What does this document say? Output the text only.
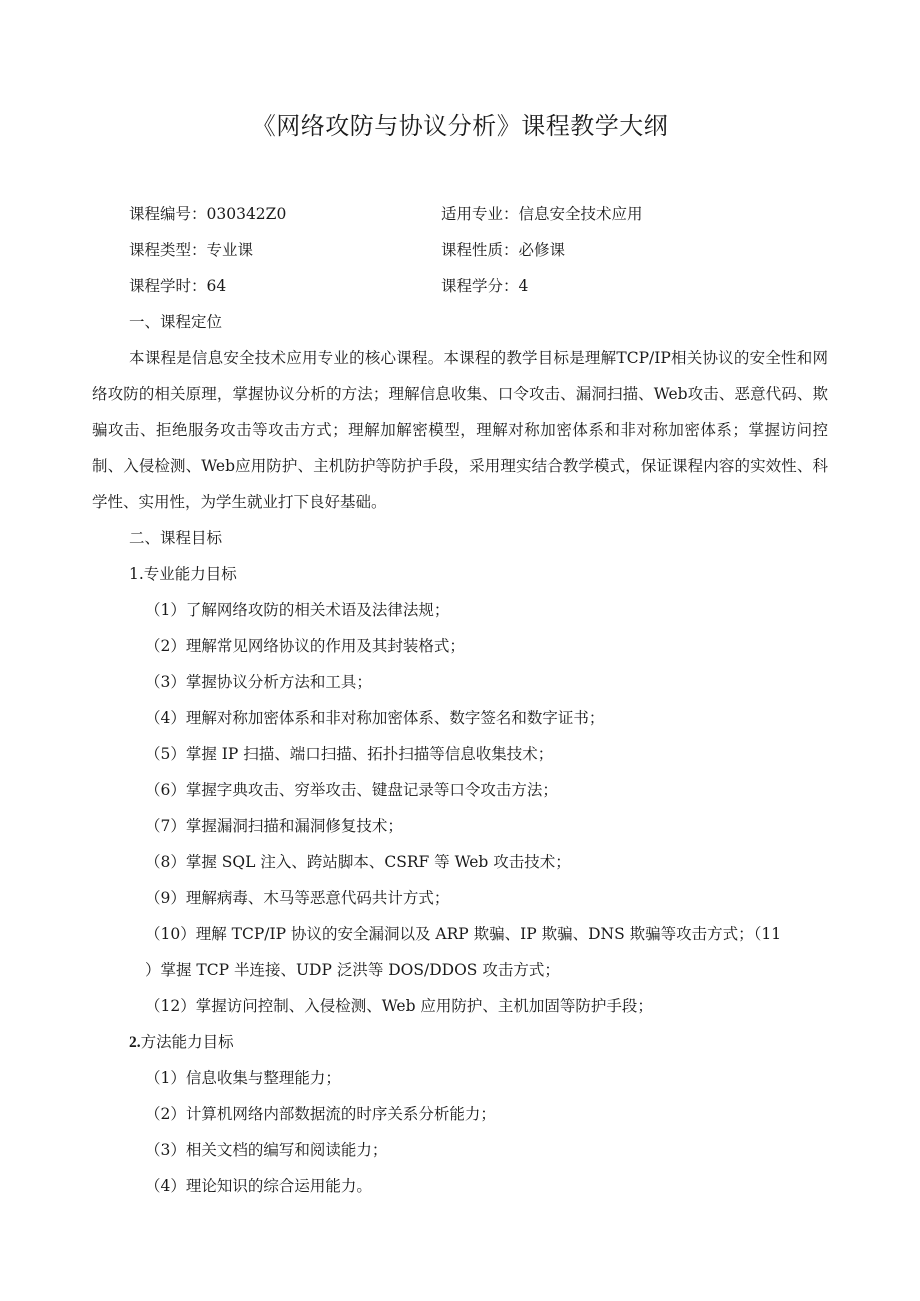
《网络攻防与协议分析》课程教学大纲
课程编号：030342Z0	适用专业：信息安全技术应用
课程类型：专业课	课程性质：必修课
课程学时：64	课程学分：4
一、课程定位

本课程是信息安全技术应用专业的核心课程。本课程的教学目标是理解TCP/IP相关协议的安全性和网络攻防的相关原理，掌握协议分析的方法；理解信息收集、口令攻击、漏洞扫描、Web攻击、恶意代码、欺骗攻击、拒绝服务攻击等攻击方式；理解加解密模型，理解对称加密体系和非对称加密体系；掌握访问控制、入侵检测、Web应用防护、主机防护等防护手段，采用理实结合教学模式，保证课程内容的实效性、科学性、实用性，为学生就业打下良好基础。

二、课程目标
1.专业能力目标
（1）了解网络攻防的相关术语及法律法规；
（2）理解常见网络协议的作用及其封装格式；
（3）掌握协议分析方法和工具；
（4）理解对称加密体系和非对称加密体系、数字签名和数字证书；
（5）掌握 IP 扫描、端口扫描、拓扑扫描等信息收集技术；
（6）掌握字典攻击、穷举攻击、键盘记录等口令攻击方法；
（7）掌握漏洞扫描和漏洞修复技术；
（8）掌握 SQL 注入、跨站脚本、CSRF 等 Web 攻击技术；
（9）理解病毒、木马等恶意代码共计方式；
（10）理解 TCP/IP 协议的安全漏洞以及 ARP 欺骗、IP 欺骗、DNS 欺骗等攻击方式；（11
）掌握 TCP 半连接、UDP 泛洪等 DOS/DDOS 攻击方式；
（12）掌握访问控制、入侵检测、Web 应用防护、主机加固等防护手段；
2.方法能力目标
（1）信息收集与整理能力；
（2）计算机网络内部数据流的时序关系分析能力；
（3）相关文档的编写和阅读能力；
（4）理论知识的综合运用能力。
